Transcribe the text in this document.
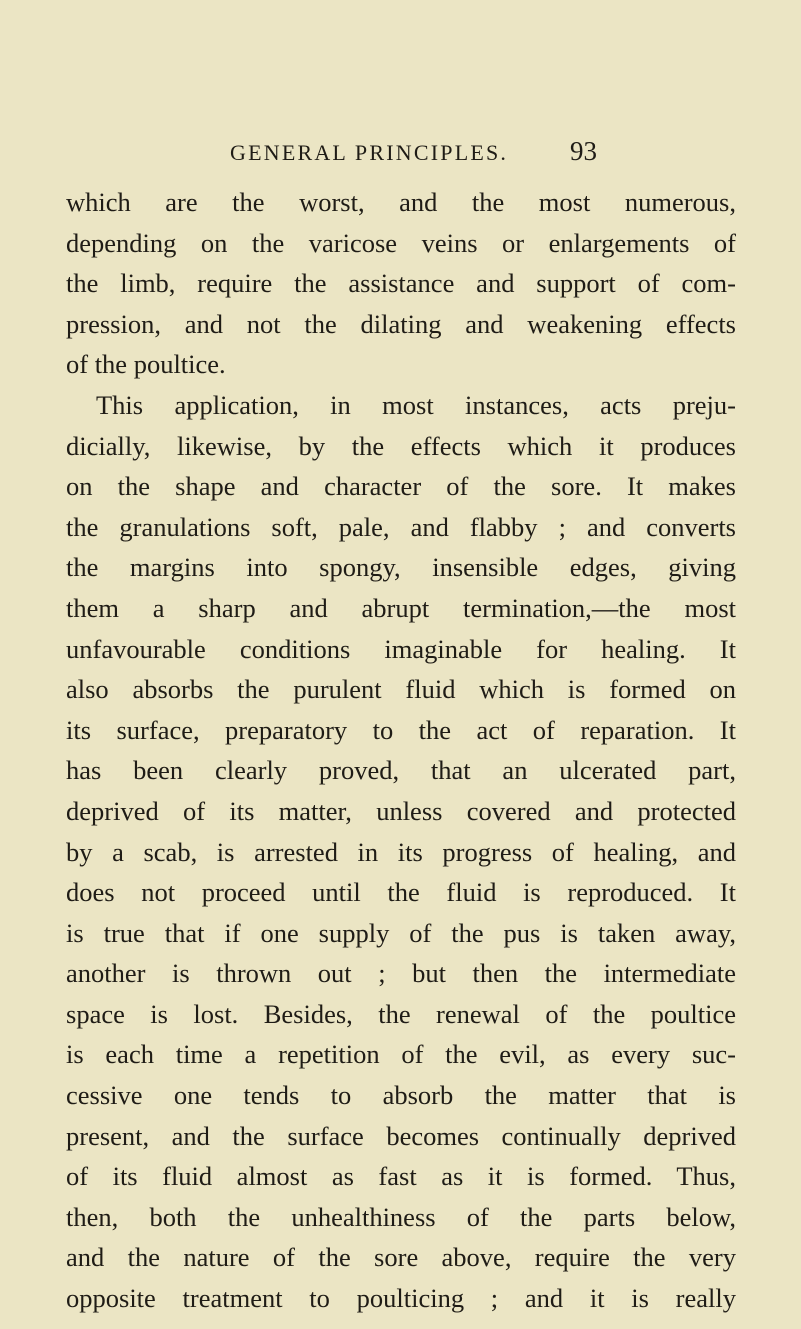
GENERAL PRINCIPLES. 93
which are the worst, and the most numerous,
depending on the varicose veins or enlargements of
the limb, require the assistance and support of com-
pression, and not the dilating and weakening effects
of the poultice.
This application, in most instances, acts preju-
dicially, likewise, by the effects which it produces
on the shape and character of the sore. It makes
the granulations soft, pale, and flabby ; and converts
the margins into spongy, insensible edges, giving
them a sharp and abrupt termination,—the most
unfavourable conditions imaginable for healing. It
also absorbs the purulent fluid which is formed on
its surface, preparatory to the act of reparation. It
has been clearly proved, that an ulcerated part,
deprived of its matter, unless covered and protected
by a scab, is arrested in its progress of healing, and
does not proceed until the fluid is reproduced. It
is true that if one supply of the pus is taken away,
another is thrown out ; but then the intermediate
space is lost. Besides, the renewal of the poultice
is each time a repetition of the evil, as every suc-
cessive one tends to absorb the matter that is
present, and the surface becomes continually deprived
of its fluid almost as fast as it is formed. Thus,
then, both the unhealthiness of the parts below,
and the nature of the sore above, require the very
opposite treatment to poulticing ; and it is really
